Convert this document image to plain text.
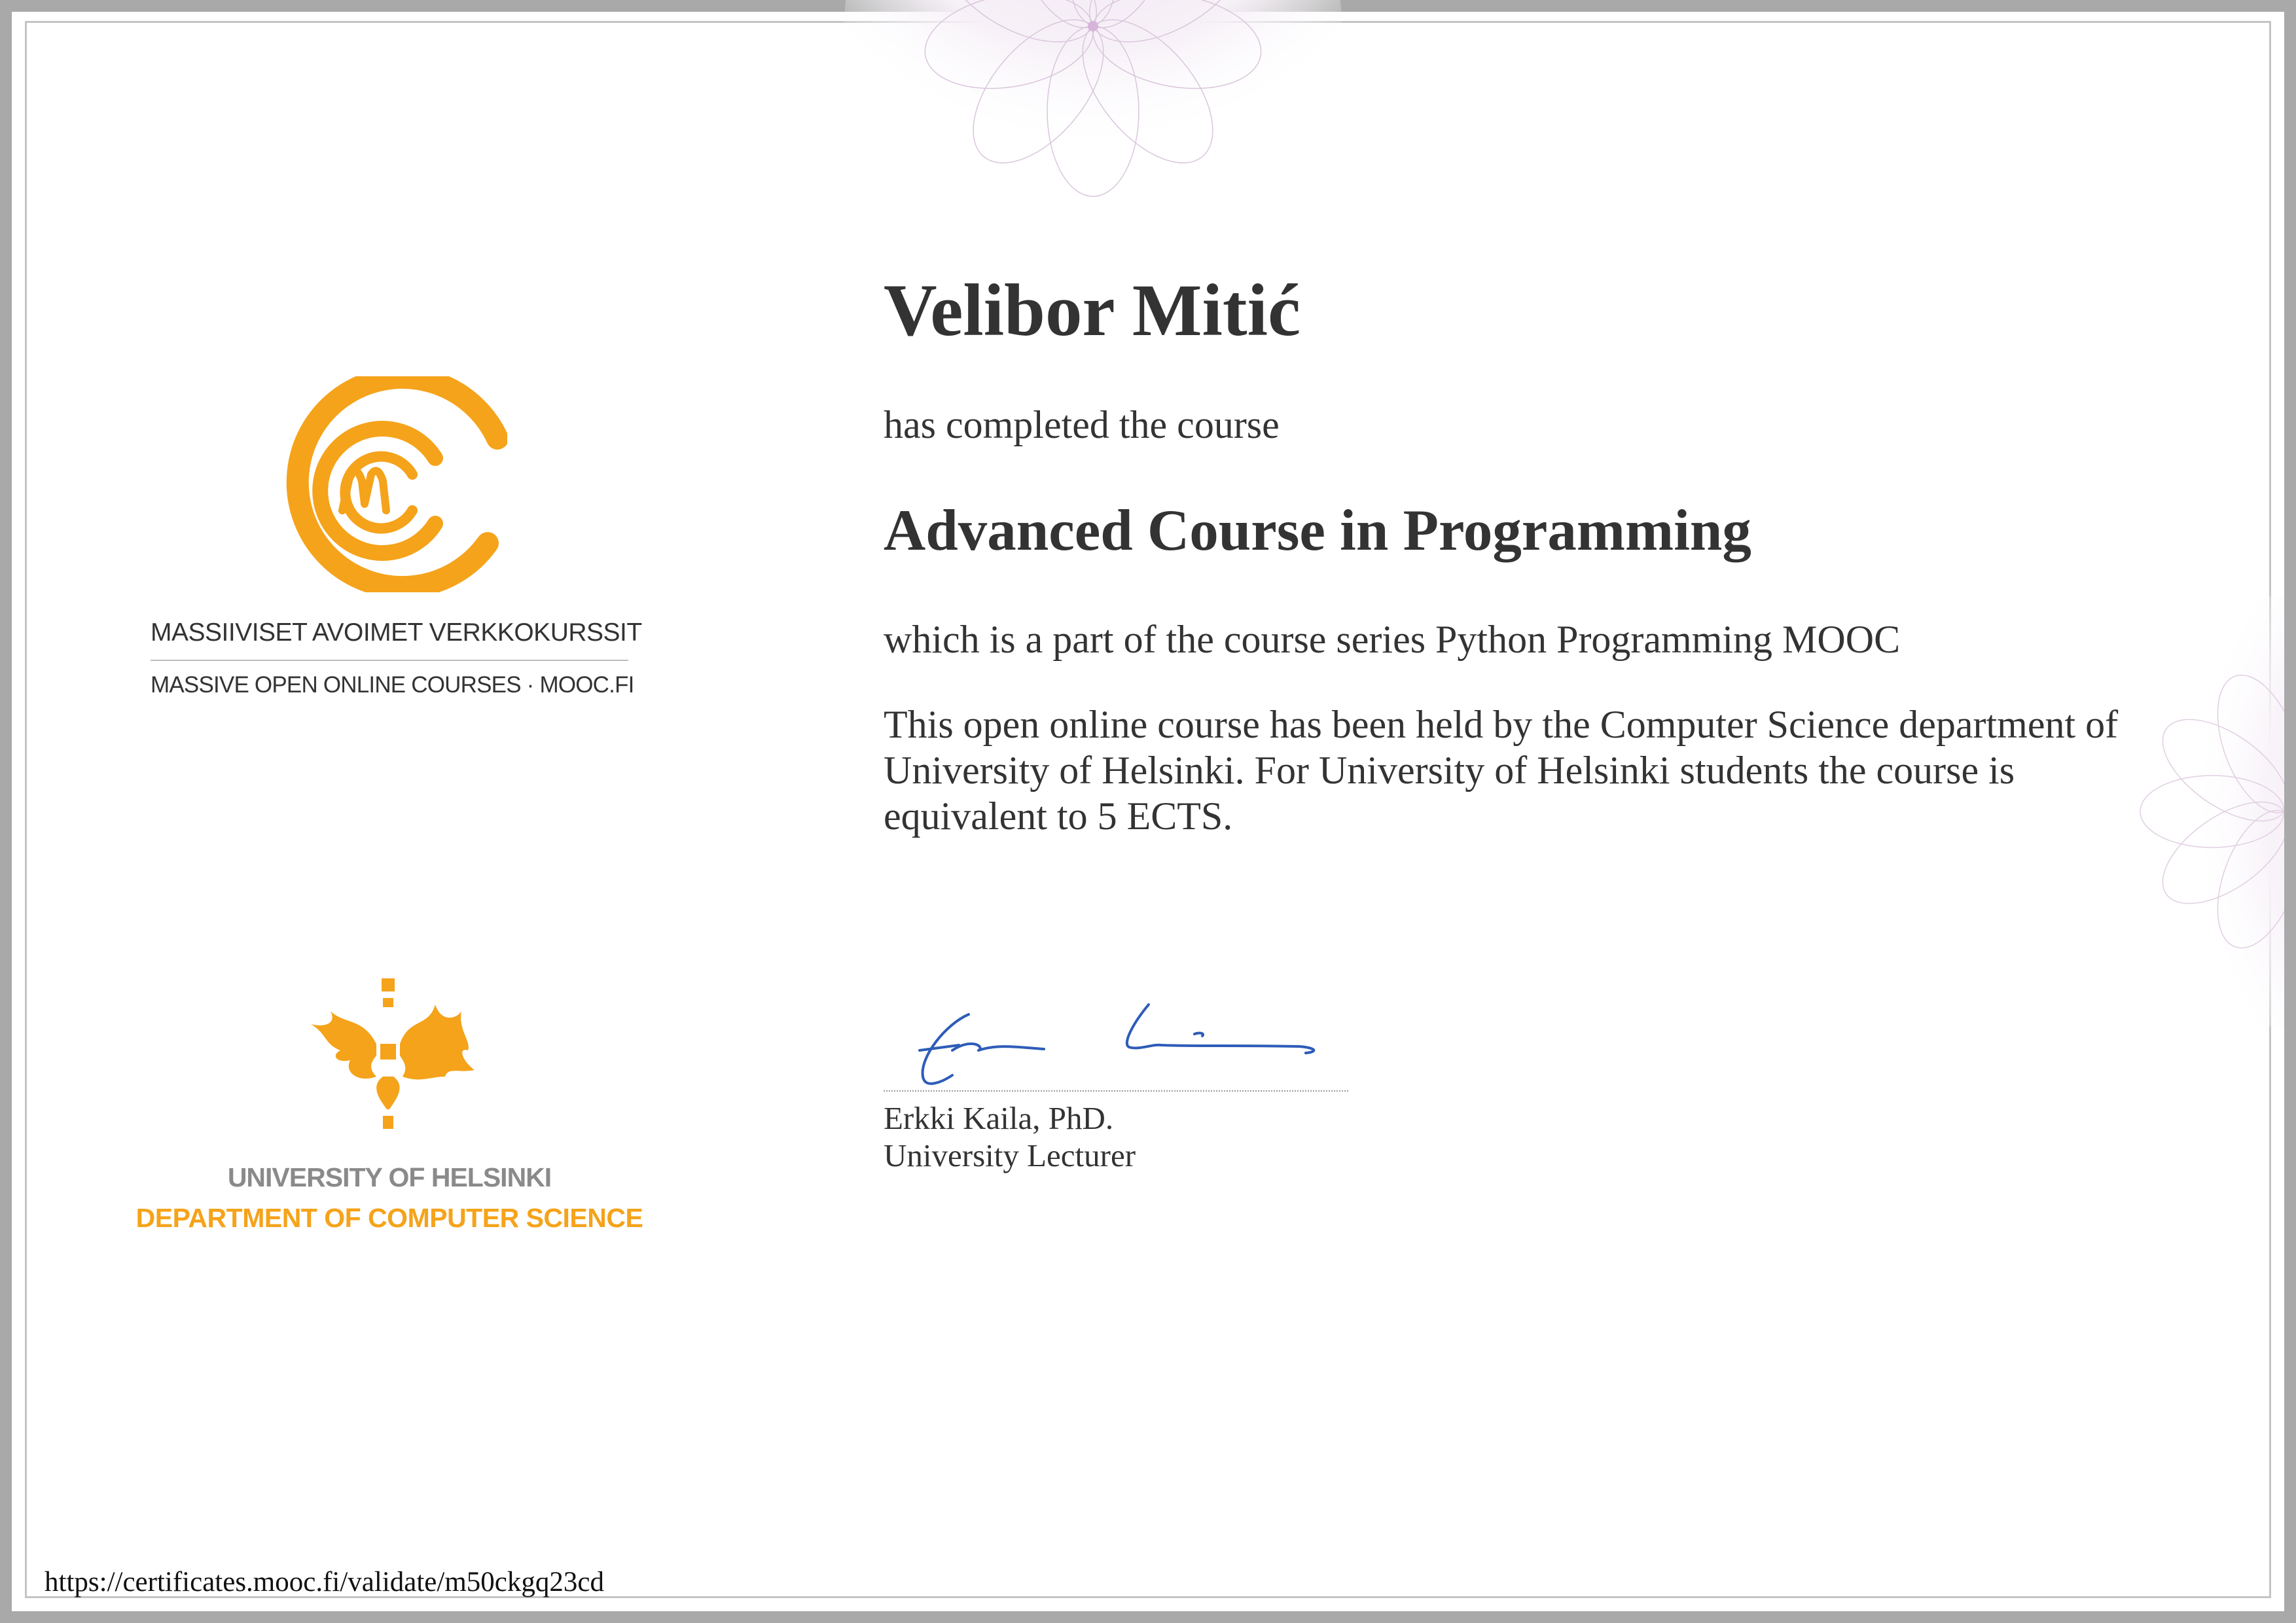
MASSIIVISET AVOIMET VERKKOKURSSIT
MASSIVE OPEN ONLINE COURSES · MOOC.FI
UNIVERSITY OF HELSINKI
DEPARTMENT OF COMPUTER SCIENCE
Velibor Mitić
has completed the course
Advanced Course in Programming
which is a part of the course series Python Programming MOOC
This open online course has been held by the Computer Science department of University of Helsinki. For University of Helsinki students the course is equivalent to 5 ECTS.
Erkki Kaila, PhD.
University Lecturer
https://certificates.mooc.fi/validate/m50ckgq23cd
